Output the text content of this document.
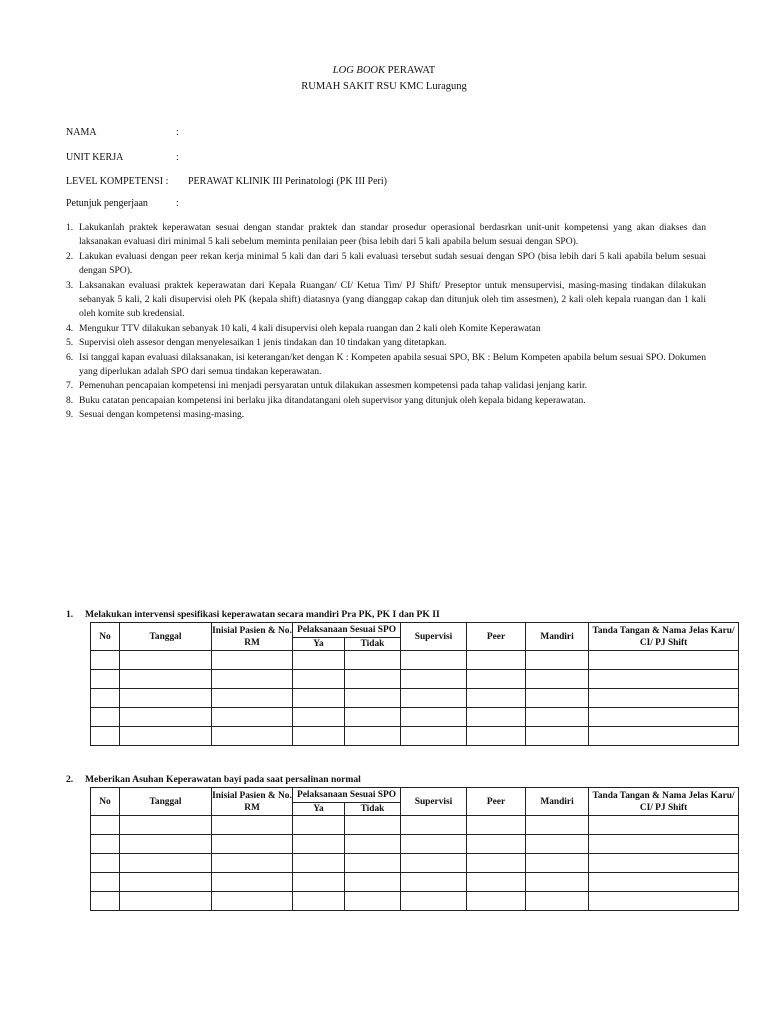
LOG BOOK PERAWAT
RUMAH SAKIT RSU KMC Luragung
NAMA	:
UNIT KERJA	:
LEVEL KOMPETENSI : PERAWAT KLINIK III Perinatologi (PK III Peri)
Petunjuk pengerjaan	:
1. Lakukanlah praktek keperawatan sesuai dengan standar praktek dan standar prosedur operasional berdasrkan unit-unit kompetensi yang akan diakses dan laksanakan evaluasi diri minimal 5 kali sebelum meminta penilaian peer (bisa lebih dari 5 kali apabila belum sesuai dengan SPO).
2. Lakukan evaluasi dengan peer rekan kerja minimal 5 kali dan dari 5 kali evaluasi tersebut sudah sesuai dengan SPO (bisa lebih dari 5 kali apabila belum sesuai dengan SPO).
3. Laksanakan evaluasi praktek keperawatan dari Kepala Ruangan/ CI/ Ketua Tim/ PJ Shift/ Preseptor untuk mensupervisi, masing-masing tindakan dilakukan sebanyak 5 kali, 2 kali disupervisi oleh PK (kepala shift) diatasnya (yang dianggap cakap dan ditunjuk oleh tim assesmen), 2 kali oleh kepala ruangan dan 1 kali oleh komite sub kredensial.
4. Mengukur TTV dilakukan sebanyak 10 kali, 4 kali disupervisi oleh kepala ruangan dan 2 kali oleh Komite Keperawatan
5. Supervisi oleh assesor dengan menyelesaikan 1 jenis tindakan dan 10 tindakan yang ditetapkan.
6. Isi tanggal kapan evaluasi dilaksanakan, isi keterangan/ket dengan K : Kompeten apabila sesuai SPO, BK : Belum Kompeten apabila belum sesuai SPO. Dokumen yang diperlukan adalah SPO dari semua tindakan keperawatan.
7. Pemenuhan pencapaian kompetensi ini menjadi persyaratan untuk dilakukan assesmen kompetensi pada tahap validasi jenjang karir.
8. Buku catatan pencapaian kompetensi ini berlaku jika ditandatangani oleh supervisor yang ditunjuk oleh kepala bidang keperawatan.
9. Sesuai dengan kompetensi masing-masing.
1. Melakukan intervensi spesifikasi keperawatan secara mandiri Pra PK, PK I dan PK II
No	Tanggal	Inisial Pasien & No. RM	Pelaksanaan Sesuai SPO		Supervisi	Peer	Mandiri	Tanda Tangan & Nama Jelas Karu/ CI/ PJ Shift
			Ya	Tidak				

2. Meberikan Asuhan Keperawatan bayi pada saat persalinan normal
No	Tanggal	Inisial Pasien & No. RM	Pelaksanaan Sesuai SPO		Supervisi	Peer	Mandiri	Tanda Tangan & Nama Jelas Karu/ CI/ PJ Shift
			Ya	Tidak				
